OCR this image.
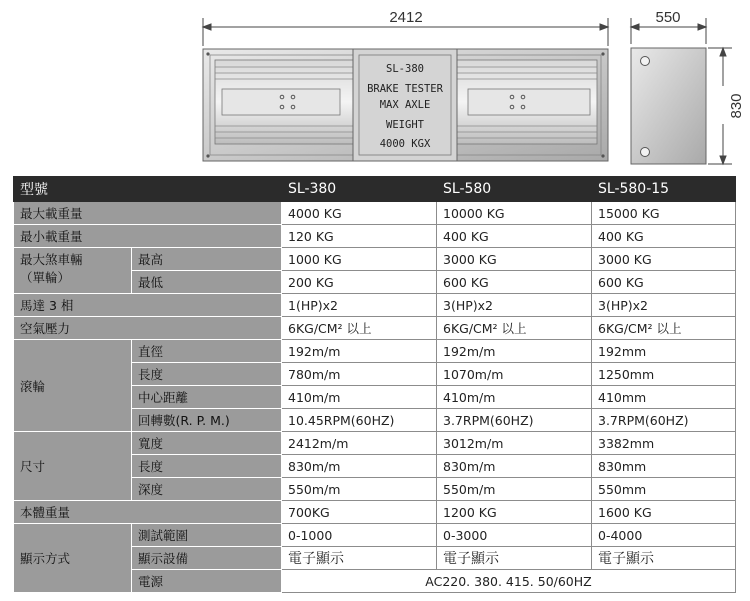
2412	550
830
SL-380
BRAKE TESTER
MAX AXLE
WEIGHT
4000 KGX
型號		SL-380	SL-580	SL-580-15
最大載重量		4000 KG	10000 KG	15000 KG
最小載重量		120 KG	400 KG	400 KG

最大煞車輛
（單輪）	最高	1000 KG	3000 KG	3000 KG
	最低	200 KG	600 KG	600 KG
馬達 3 相		1(HP)x2	3(HP)x2	3(HP)x2
空氣壓力		6KG/CM² 以上	6KG/CM² 以上	6KG/CM² 以上
滾輪	直徑	192m/m	192m/m	192mm
	長度	780m/m	1070m/m	1250mm
	中心距離	410m/m	410m/m	410mm
	回轉數(R. P. M.)	10.45RPM(60HZ)	3.7RPM(60HZ)	3.7RPM(60HZ)
尺寸	寬度	2412m/m	3012m/m	3382mm
	長度	830m/m	830m/m	830mm
	深度	550m/m	550m/m	550mm
本體重量		700KG	1200 KG	1600 KG
顯示方式	測試範圍	0-1000	0-3000	0-4000
	顯示設備	電子顯示	電子顯示	電子顯示
	電源	AC220. 380. 415. 50/60HZ		
